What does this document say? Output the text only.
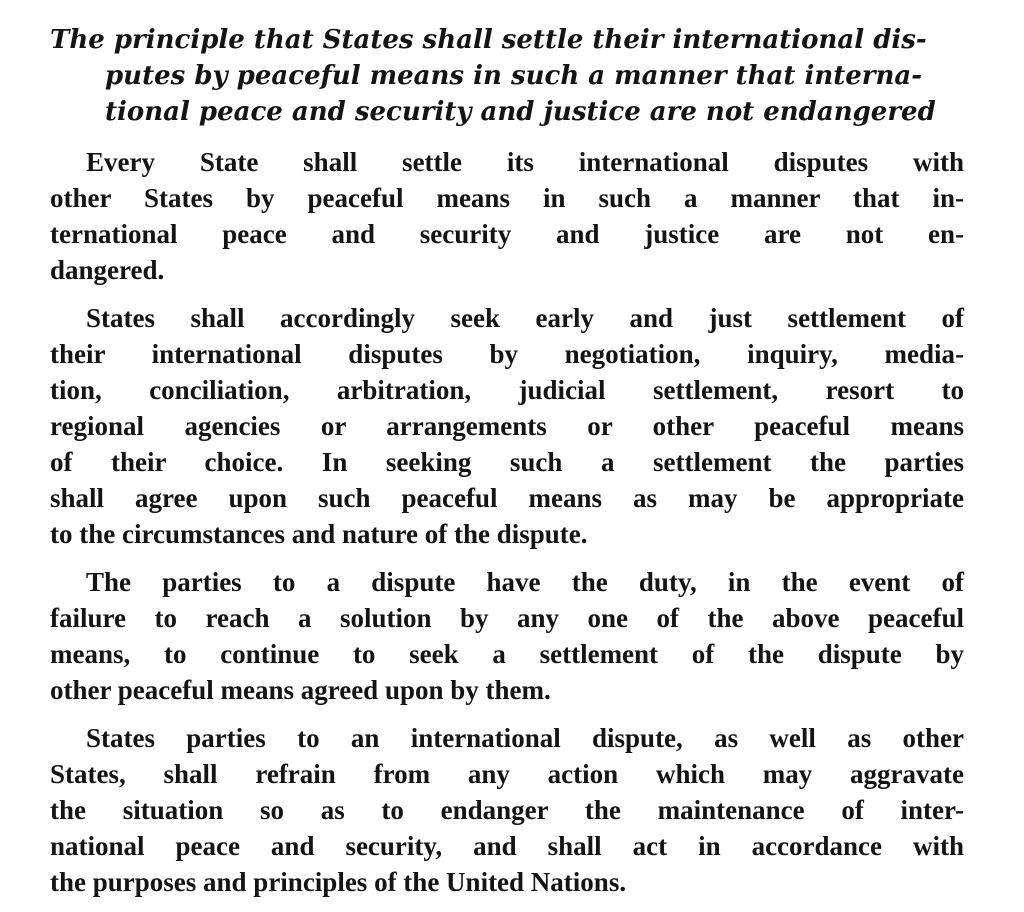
The principle that States shall settle their international dis-
putes by peaceful means in such a manner that interna-
tional peace and security and justice are not endangered
Every State shall settle its international disputes with
other States by peaceful means in such a manner that in-
ternational peace and security and justice are not en-
dangered.
States shall accordingly seek early and just settlement of
their international disputes by negotiation, inquiry, media-
tion, conciliation, arbitration, judicial settlement, resort to
regional agencies or arrangements or other peaceful means
of their choice. In seeking such a settlement the parties
shall agree upon such peaceful means as may be appropriate
to the circumstances and nature of the dispute.
The parties to a dispute have the duty, in the event of
failure to reach a solution by any one of the above peaceful
means, to continue to seek a settlement of the dispute by
other peaceful means agreed upon by them.
States parties to an international dispute, as well as other
States, shall refrain from any action which may aggravate
the situation so as to endanger the maintenance of inter-
national peace and security, and shall act in accordance with
the purposes and principles of the United Nations.
